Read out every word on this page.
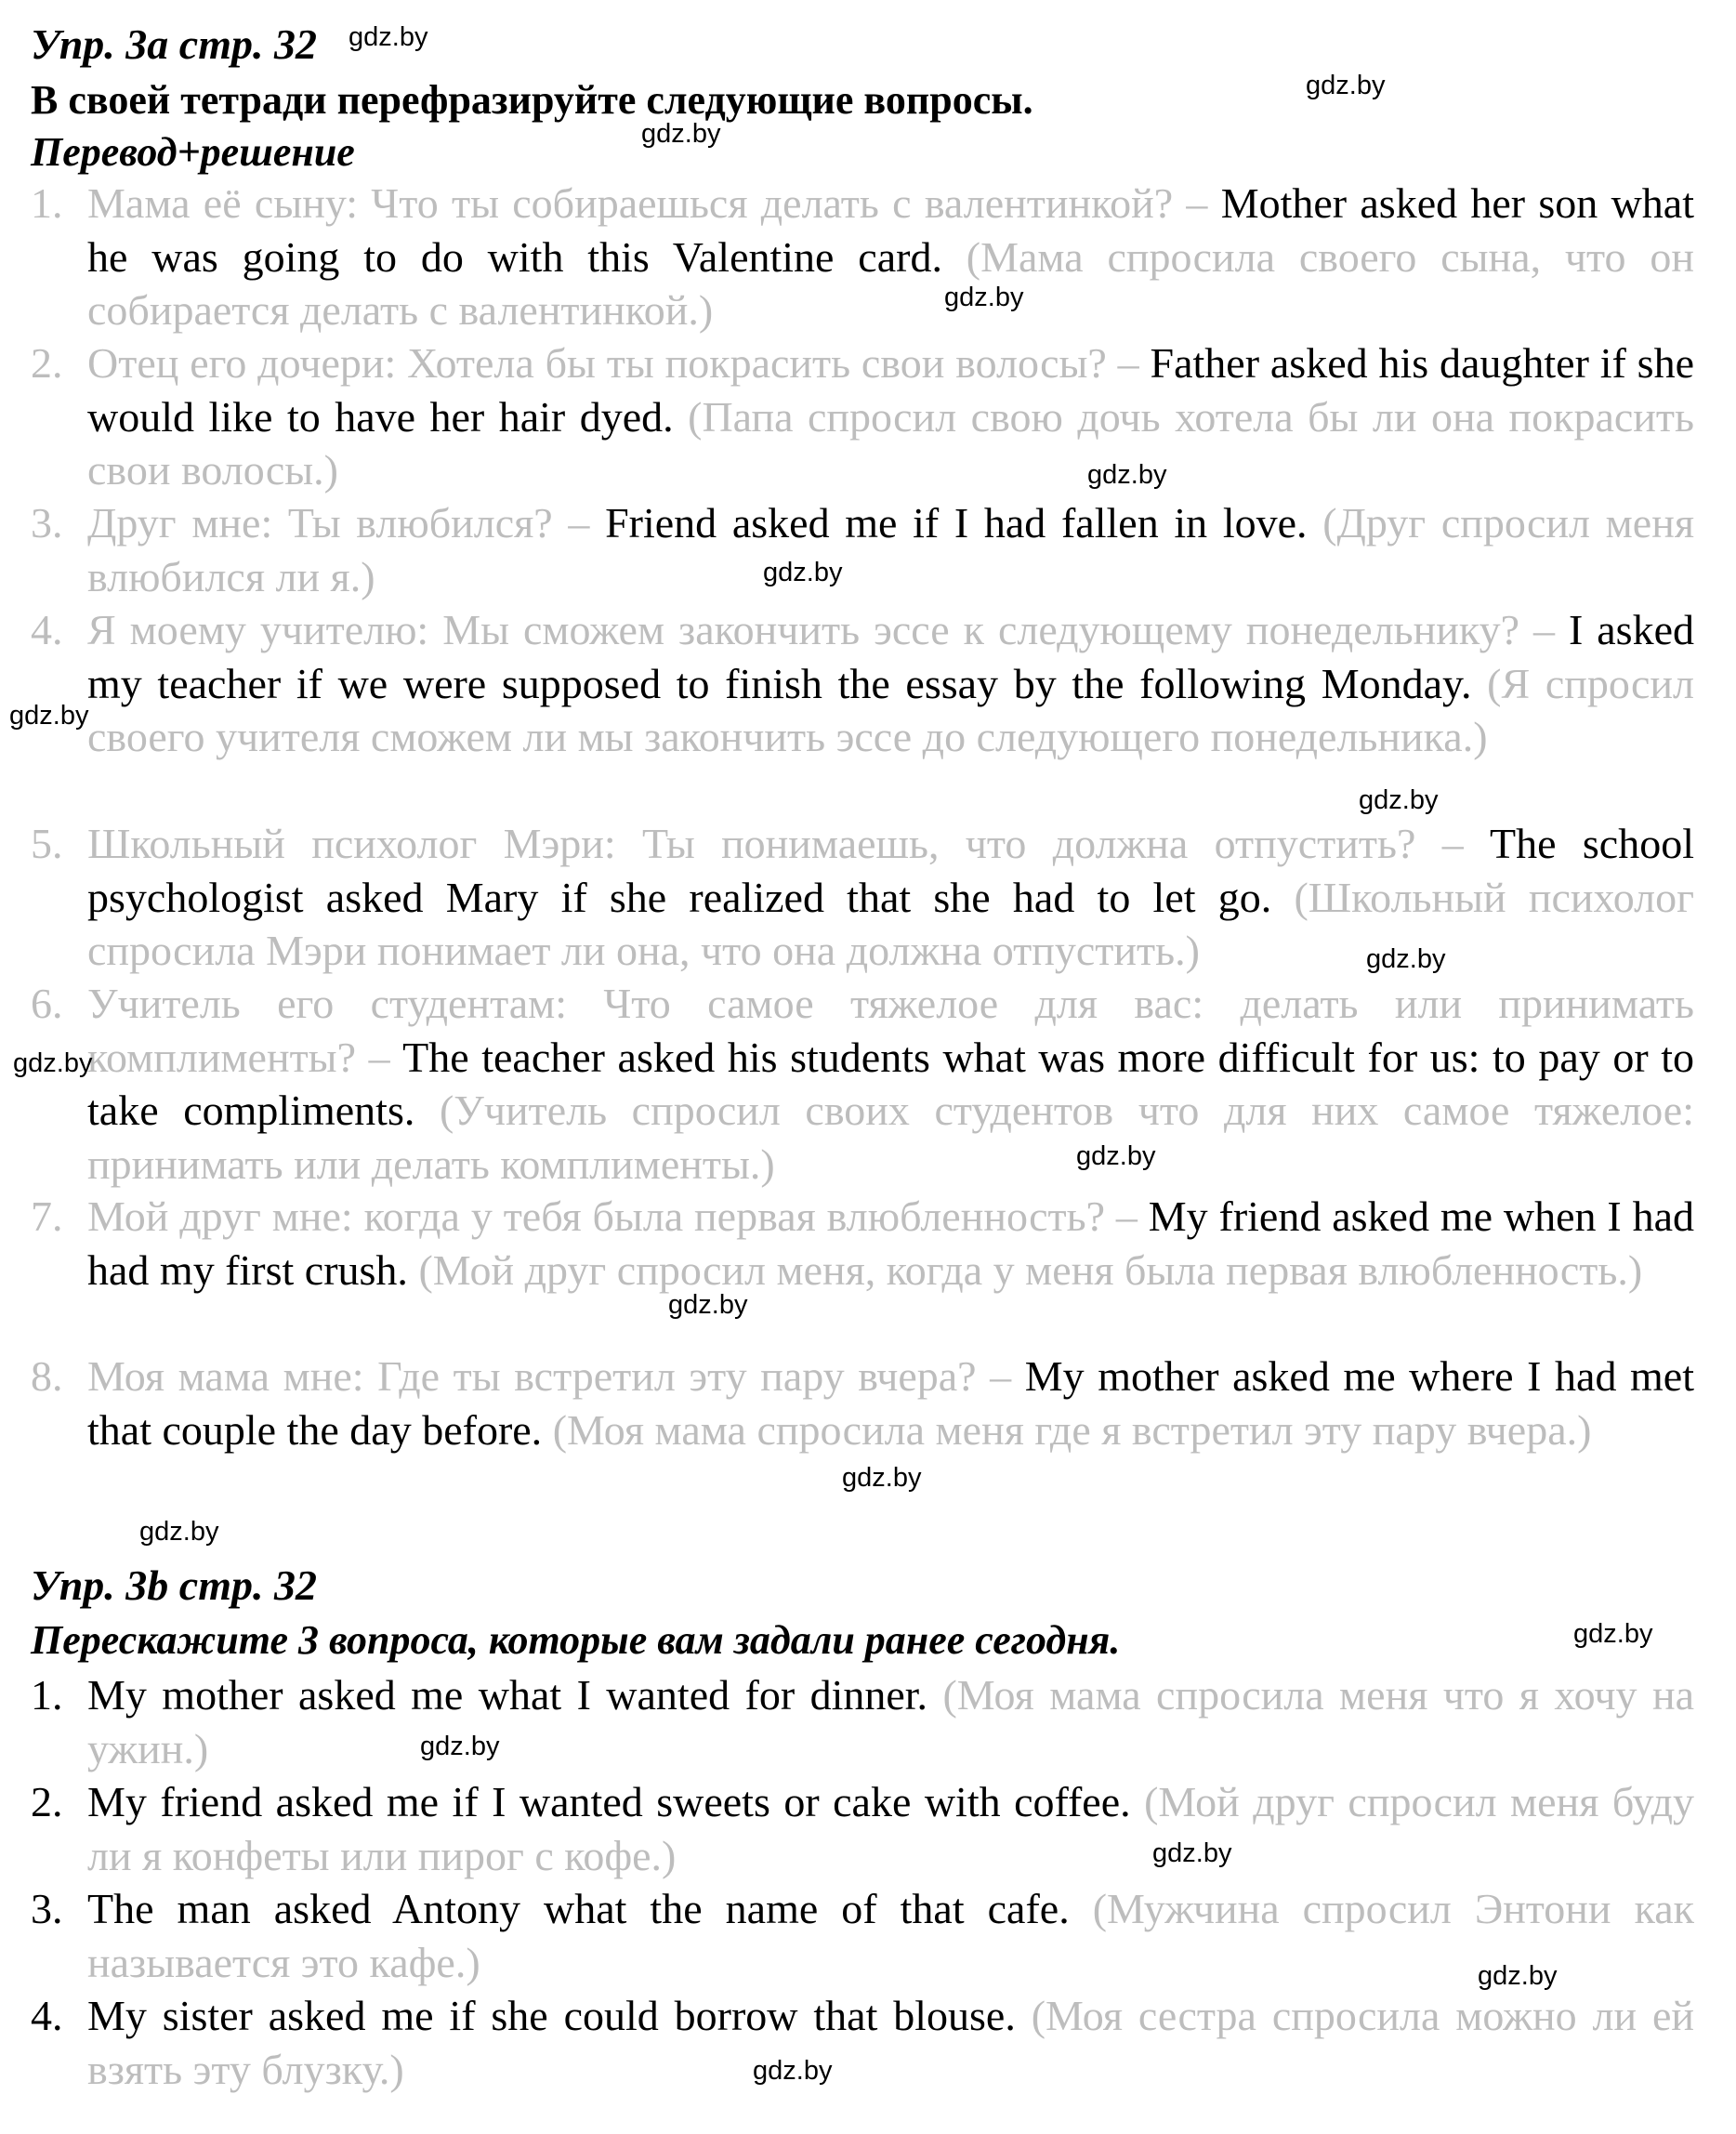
Упр. 3a стр. 32
В своей тетради перефразируйте следующие вопросы.
Перевод+решение
1. Мама её сыну: Что ты собираешься делать с валентинкой? – Mother asked her son what he was going to do with this Valentine card. (Мама спросила своего сына, что он собирается делать с валентинкой.)
2. Отец его дочери: Хотела бы ты покрасить свои волосы? – Father asked his daughter if she would like to have her hair dyed. (Папа спросил свою дочь хотела бы ли она покрасить свои волосы.)
3. Друг мне: Ты влюбился? – Friend asked me if I had fallen in love. (Друг спросил меня влюбился ли я.)
4. Я моему учителю: Мы сможем закончить эссе к следующему понедельнику? – I asked my teacher if we were supposed to finish the essay by the following Monday. (Я спросил своего учителя сможем ли мы закончить эссе до следующего понедельника.)
5. Школьный психолог Мэри: Ты понимаешь, что должна отпустить? – The school psychologist asked Mary if she realized that she had to let go. (Школьный психолог спросила Мэри понимает ли она, что она должна отпустить.)
6. Учитель его студентам: Что самое тяжелое для вас: делать или принимать комплименты? – The teacher asked his students what was more difficult for us: to pay or to take compliments. (Учитель спросил своих студентов что для них самое тяжелое: принимать или делать комплименты.)
7. Мой друг мне: когда у тебя была первая влюбленность? – My friend asked me when I had had my first crush. (Мой друг спросил меня, когда у меня была первая влюбленность.)
8. Моя мама мне: Где ты встретил эту пару вчера? – My mother asked me where I had met that couple the day before. (Моя мама спросила меня где я встретил эту пару вчера.)
Упр. 3b стр. 32
Перескажите 3 вопроса, которые вам задали ранее сегодня.
1. My mother asked me what I wanted for dinner. (Моя мама спросила меня что я хочу на ужин.)
2. My friend asked me if I wanted sweets or cake with coffee. (Мой друг спросил меня буду ли я конфеты или пирог с кофе.)
3. The man asked Antony what the name of that cafe. (Мужчина спросил Энтони как называется это кафе.)
4. My sister asked me if she could borrow that blouse. (Моя сестра спросила можно ли ей взять эту блузку.)
gdz.by
gdz.by
gdz.by
gdz.by
gdz.by
gdz.by
gdz.by
gdz.by
gdz.by
gdz.by
gdz.by
gdz.by
gdz.by
gdz.by
gdz.by
gdz.by
gdz.by
gdz.by
gdz.by
